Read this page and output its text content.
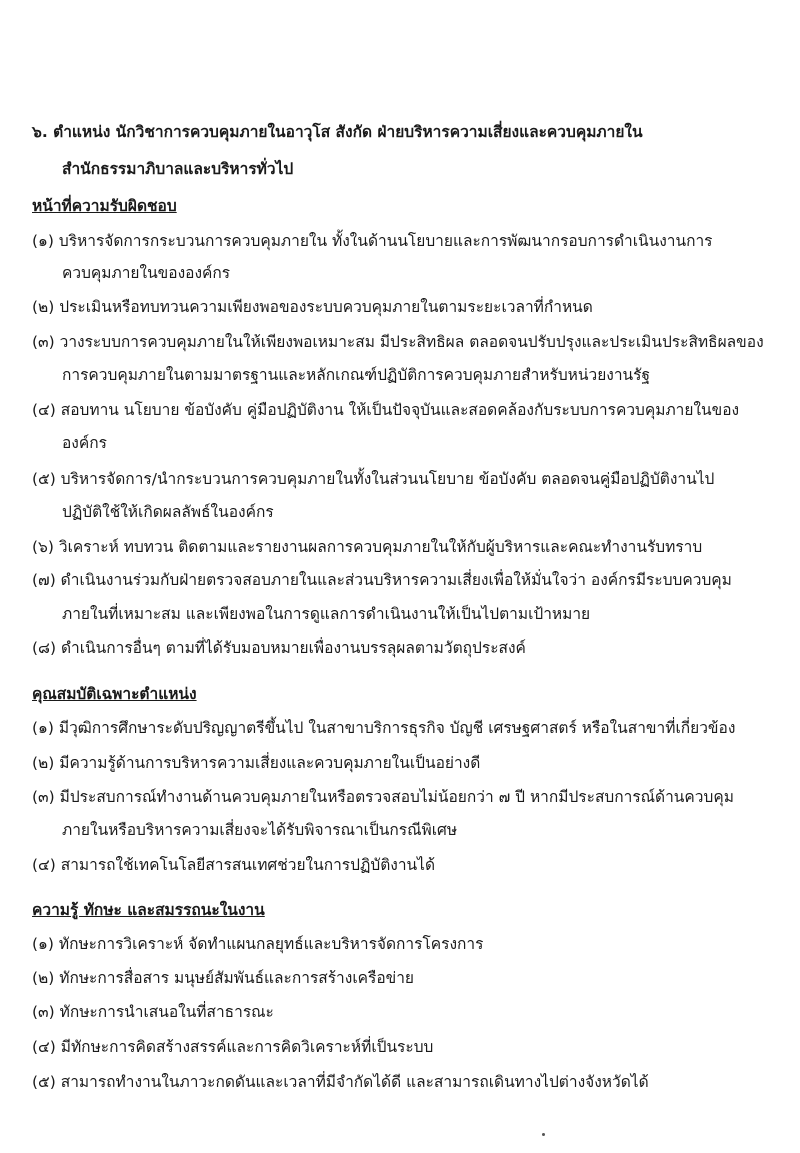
๖. ตำแหน่ง นักวิชาการควบคุมภายในอาวุโส สังกัด ฝ่ายบริหารความเสี่ยงและควบคุมภายใน
สำนักธรรมาภิบาลและบริหารทั่วไป
หน้าที่ความรับผิดชอบ
(๑) บริหารจัดการกระบวนการควบคุมภายใน ทั้งในด้านนโยบายและการพัฒนากรอบการดำเนินงานการ
ควบคุมภายในขององค์กร
(๒) ประเมินหรือทบทวนความเพียงพอของระบบควบคุมภายในตามระยะเวลาที่กำหนด
(๓) วางระบบการควบคุมภายในให้เพียงพอเหมาะสม มีประสิทธิผล ตลอดจนปรับปรุงและประเมินประสิทธิผลของ
การควบคุมภายในตามมาตรฐานและหลักเกณฑ์ปฏิบัติการควบคุมภายสำหรับหน่วยงานรัฐ
(๔) สอบทาน นโยบาย ข้อบังคับ คู่มือปฏิบัติงาน ให้เป็นปัจจุบันและสอดคล้องกับระบบการควบคุมภายในของ
องค์กร
(๕) บริหารจัดการ/นำกระบวนการควบคุมภายในทั้งในส่วนนโยบาย ข้อบังคับ ตลอดจนคู่มือปฏิบัติงานไป
ปฏิบัติใช้ให้เกิดผลลัพธ์ในองค์กร
(๖) วิเคราะห์ ทบทวน ติดตามและรายงานผลการควบคุมภายในให้กับผู้บริหารและคณะทำงานรับทราบ
(๗) ดำเนินงานร่วมกับฝ่ายตรวจสอบภายในและส่วนบริหารความเสี่ยงเพื่อให้มั่นใจว่า องค์กรมีระบบควบคุม
ภายในที่เหมาะสม และเพียงพอในการดูแลการดำเนินงานให้เป็นไปตามเป้าหมาย
(๘) ดำเนินการอื่นๆ ตามที่ได้รับมอบหมายเพื่องานบรรลุผลตามวัตถุประสงค์
คุณสมบัติเฉพาะตำแหน่ง
(๑) มีวุฒิการศึกษาระดับปริญญาตรีขึ้นไป ในสาขาบริการธุรกิจ บัญชี เศรษฐศาสตร์ หรือในสาขาที่เกี่ยวข้อง
(๒) มีความรู้ด้านการบริหารความเสี่ยงและควบคุมภายในเป็นอย่างดี
(๓) มีประสบการณ์ทำงานด้านควบคุมภายในหรือตรวจสอบไม่น้อยกว่า ๗ ปี หากมีประสบการณ์ด้านควบคุม
ภายในหรือบริหารความเสี่ยงจะได้รับพิจารณาเป็นกรณีพิเศษ
(๔) สามารถใช้เทคโนโลยีสารสนเทศช่วยในการปฏิบัติงานได้
ความรู้ ทักษะ และสมรรถนะในงาน
(๑) ทักษะการวิเคราะห์ จัดทำแผนกลยุทธ์และบริหารจัดการโครงการ
(๒) ทักษะการสื่อสาร มนุษย์สัมพันธ์และการสร้างเครือข่าย
(๓) ทักษะการนำเสนอในที่สาธารณะ
(๔) มีทักษะการคิดสร้างสรรค์และการคิดวิเคราะห์ที่เป็นระบบ
(๕) สามารถทำงานในภาวะกดดันและเวลาที่มีจำกัดได้ดี และสามารถเดินทางไปต่างจังหวัดได้
